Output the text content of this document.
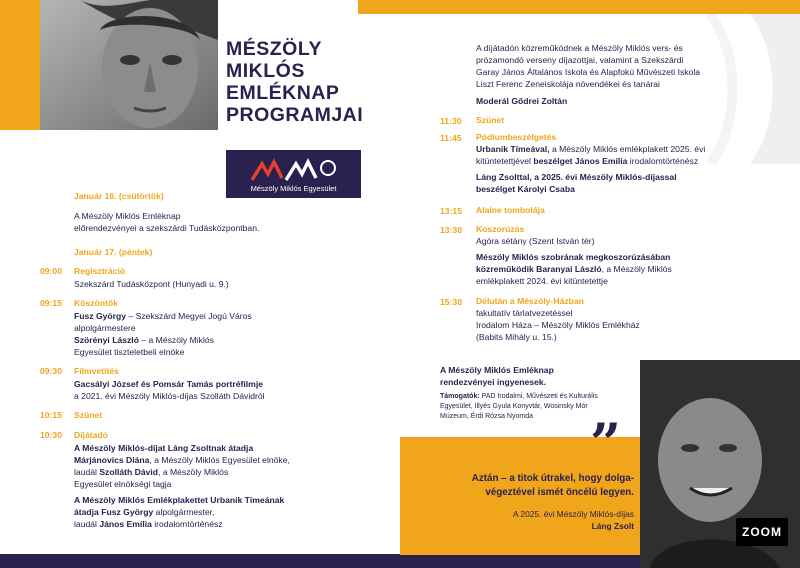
MÉSZÖLY
MIKLÓS
EMLÉKNAP
PROGRAMJAI
Mészöly Miklós Egyesület
Január 16. (csütörtök)
A Mészöly Miklós Emléknap
előrendezvényei a szekszárdi Tudásközpontban.
Január 17. (péntek)
09:00 Regisztráció
Szekszárd Tudásközpont (Hunyadi u. 9.)
09:15 Köszöntők
Fusz György – Szekszárd Megyei Jogú Város
alpolgármestere
Szörényi László – a Mészöly Miklós
Egyesület tiszteletbeli elnöke
09:30 Filmvetítés
Gacsályi József és Pomsár Tamás portréfilmje
a 2021. évi Mészöly Miklós-díjas Szolláth Dávidról
10:15 Szünet
10:30 Díjátadó
A Mészöly Miklós-díjat Láng Zsoltnak átadja
Márjánovics Diána, a Mészöly Miklós Egyesület elnöke,
laudál Szolláth Dávid, a Mészöly Miklós
Egyesület elnökségi tagja
A Mészöly Miklós Emlékplakettet Urbanik Tímeának
átadja Fusz György alpolgármester,
laudál János Emília irodalomtörténész

A díjátadón közreműködnek a Mészöly Miklós vers- és

prózamondó verseny díjazottjai, valamint a Szekszárdi

Garay János Általános Iskola és Alapfokú Művészeti Iskola

Liszt Ferenc Zeneiskolája növendékei és tanárai

Moderál Gődrei Zoltán

11:30 Szünet

11:45 Pódiumbeszélgetés

Urbanik Tímeával, a Mészöly Miklós emlékplakett 2025. évi

kitüntetettjével beszélget János Emília irodalomtörténész

Láng Zsolttal, a 2025. évi Mészöly Miklós-díjassal

beszélget Károlyi Csaba

13:15 Alaine tombolája

13:30 Koszorúzás

Agóra sétány (Szent István tér)

Mészöly Miklós szobrának megkoszorúzásában

közreműködik Baranyai László, a Mészöly Miklós

emlékplakett 2024. évi kitüntetettje

15:30 Délután a Mészöly-Házban

fakultatív tárlatvezetéssel

Irodalom Háza – Mészöly Miklós Emlékház

(Babits Mihály u. 15.)

A Mészöly Miklós Emléknap

rendezvényei ingyenesek.

Támogatók: PAD Irodalmi, Művészeti és Kulturális

Egyesület, Illyés Gyula Konyvtár, Wosinsky Mór

Múzeum, Érdi Rózsa Nyomda ”
Aztán – a titok útrakel, hogy dolga-
végeztével ismét öncélú legyen.
A 2025. évi Mészöly Miklós-díjas
Láng Zsolt	ZOOM
